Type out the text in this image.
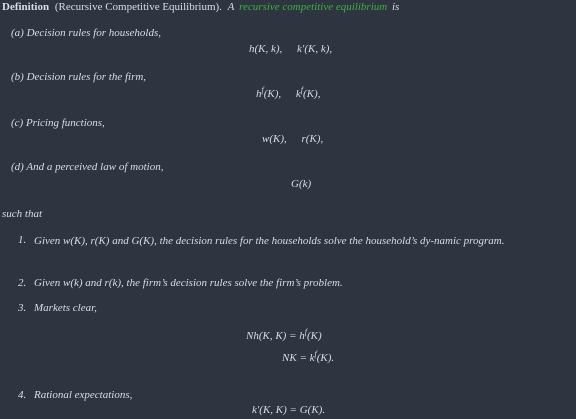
Definition (Recursive Competitive Equilibrium). A recursive competitive equilibrium is
(a) Decision rules for households,
h(K, k), k′(K, k),
(b) Decision rules for the firm,
$h^f(K)$, $k^f(K)$,
(c) Pricing functions,
w(K), r(K),
(d) And a perceived law of motion,
G(k)
such that
1. Given w(K), r(K) and G(K), the decision rules for the households solve the household’s dy-namic program.
2. Given w(k) and r(k), the firm’s decision rules solve the firm’s problem.
3. Markets clear,
Nh(K, $K) = h^f(K)$
NK = $k^f(K)$.
4. Rational expectations,
k′(K, K) = G(K).
